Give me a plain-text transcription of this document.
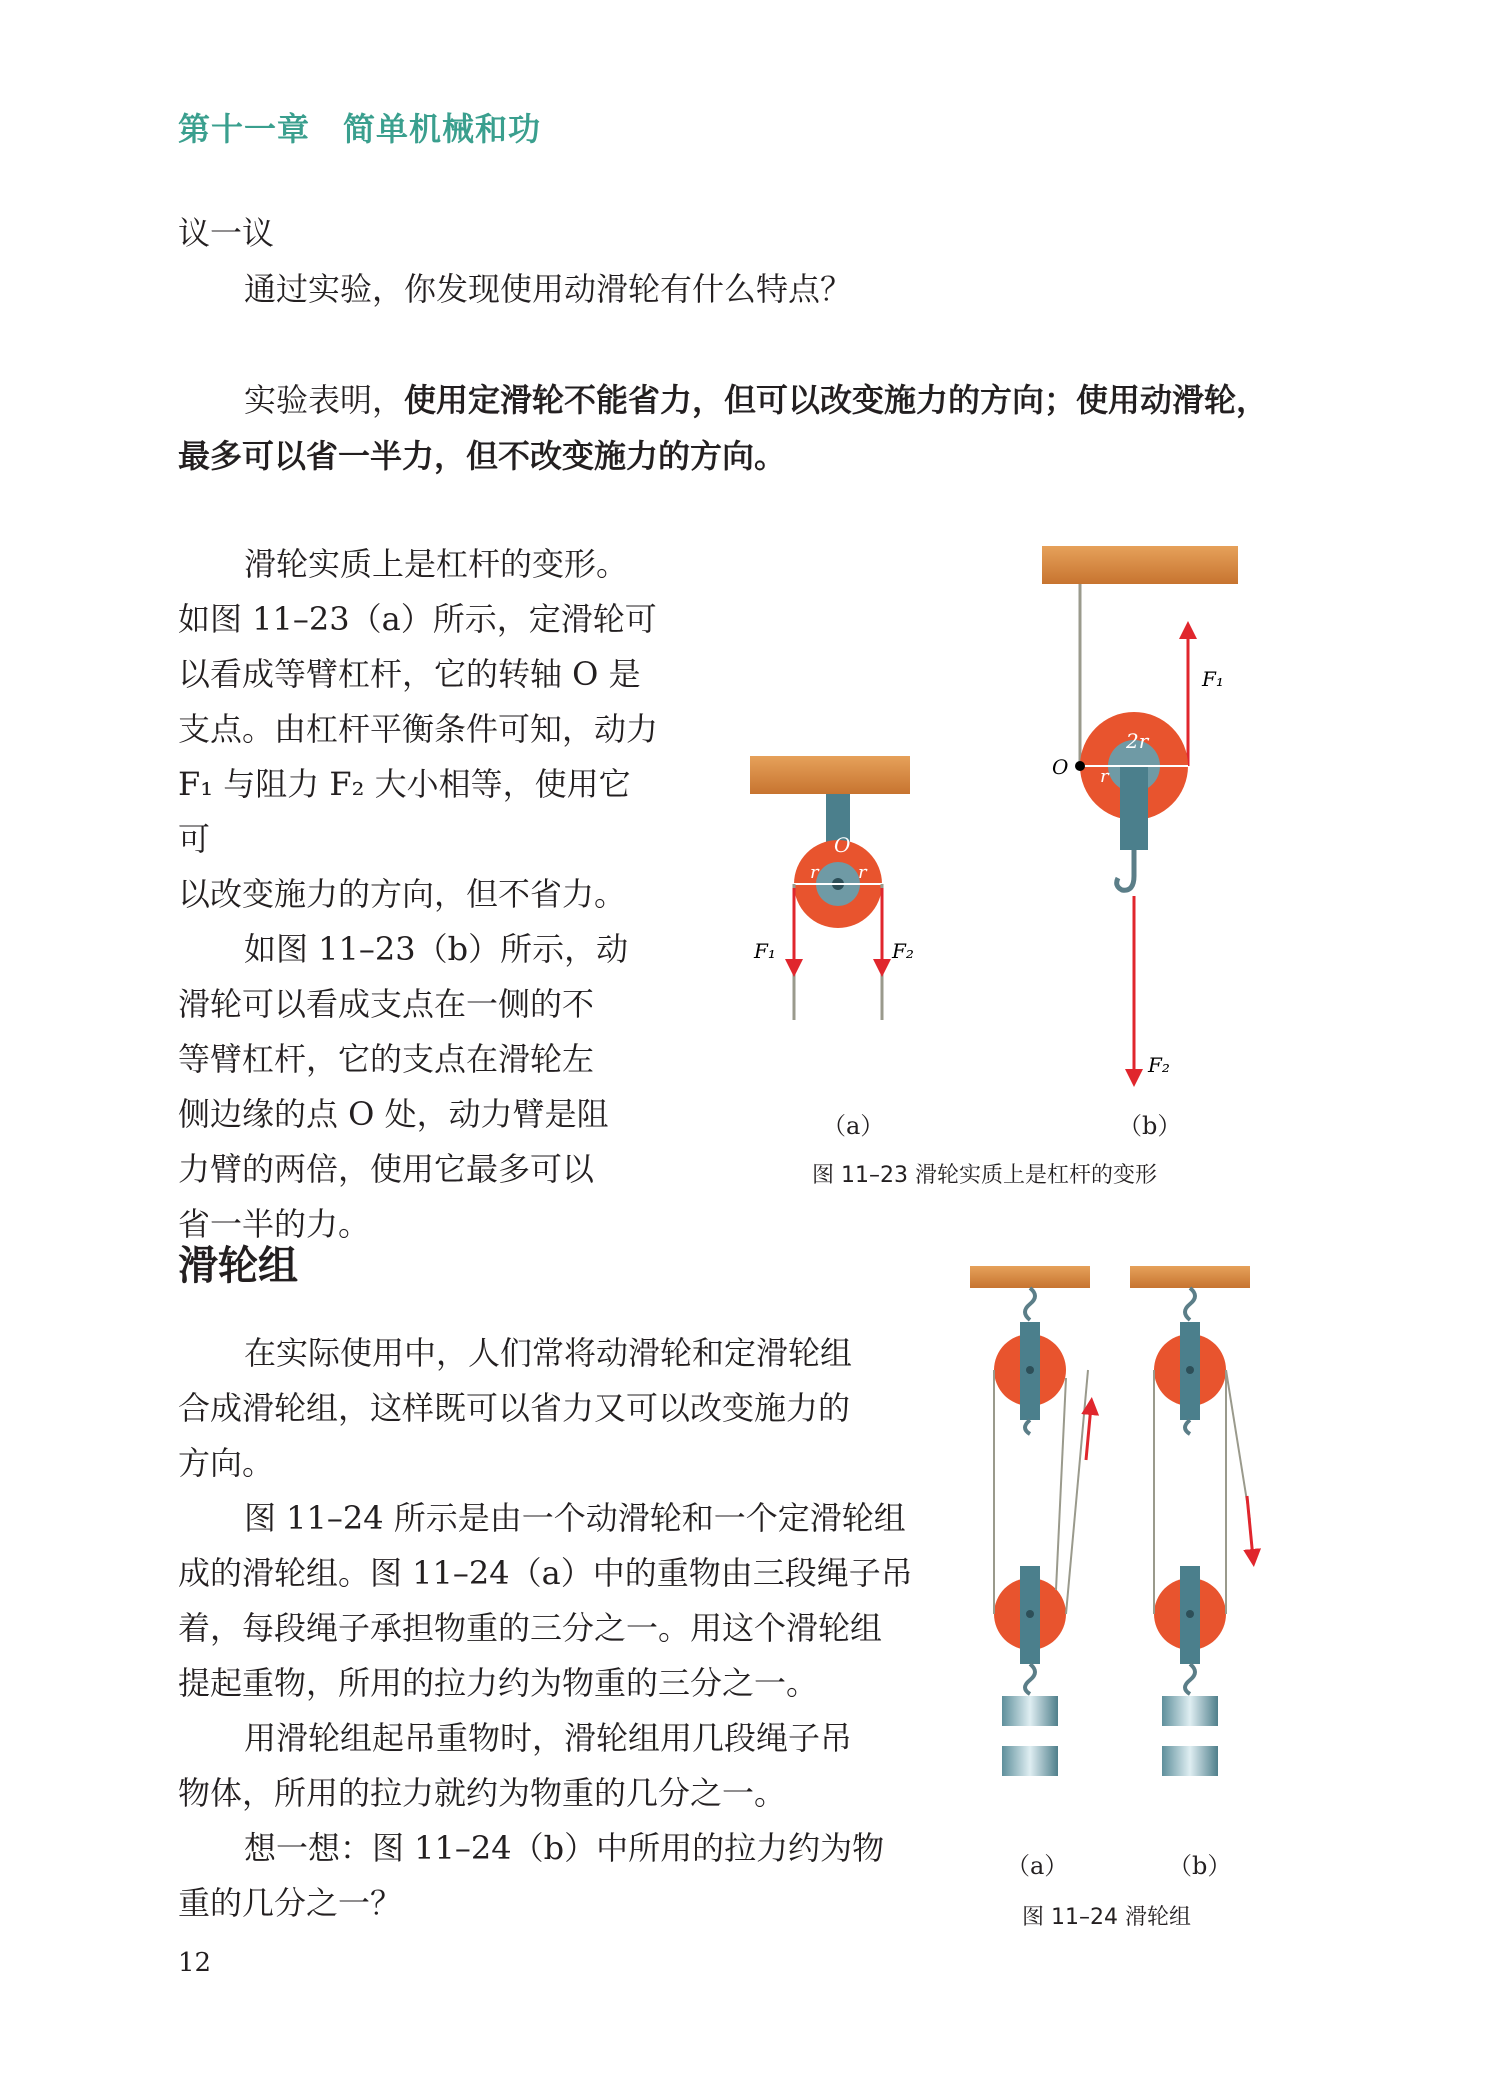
第十一章　简单机械和功
议一议

通过实验，你发现使用动滑轮有什么特点？

实验表明，使用定滑轮不能省力，但可以改变施力的方向；使用动滑轮，最多可以省一半力，但不改变施力的方向。

滑轮实质上是杠杆的变形。

如图 11–23（a）所示，定滑轮可

以看成等臂杠杆，它的转轴 O 是

支点。由杠杆平衡条件可知，动力

F₁ 与阻力 F₂ 大小相等，使用它可

以改变施力的方向，但不省力。

如图 11–23（b）所示，动

滑轮可以看成支点在一侧的不

等臂杠杆，它的支点在滑轮左

侧边缘的点 O 处，动力臂是阻

力臂的两倍，使用它最多可以

省一半的力。

O
r r
F₁	F₂
O
2r
r
F₁
F₂
（a）	（b）
图 11–23 滑轮实质上是杠杆的变形
滑轮组

在实际使用中，人们常将动滑轮和定滑轮组

合成滑轮组，这样既可以省力又可以改变施力的

方向。

图 11–24 所示是由一个动滑轮和一个定滑轮组

成的滑轮组。图 11–24（a）中的重物由三段绳子吊

着，每段绳子承担物重的三分之一。用这个滑轮组

提起重物，所用的拉力约为物重的三分之一。

用滑轮组起吊重物时，滑轮组用几段绳子吊

物体，所用的拉力就约为物重的几分之一。

想一想：图 11–24（b）中所用的拉力约为物

重的几分之一？

（a）	（b）
图 11–24 滑轮组
12
